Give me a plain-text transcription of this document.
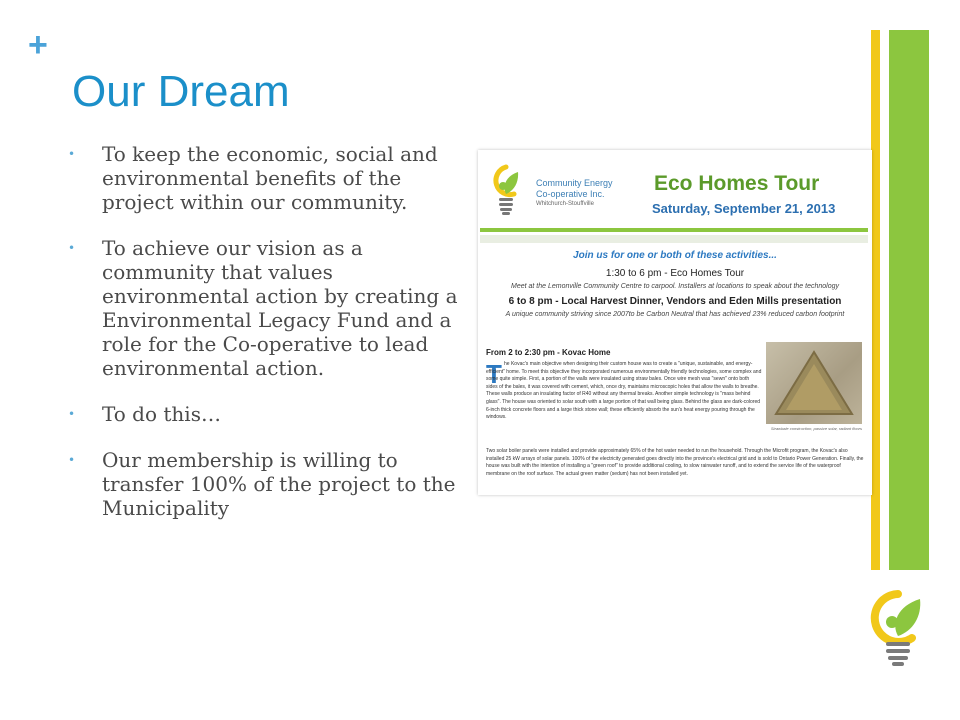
+
Our Dream
• To keep the economic, social and environmental benefits of the project within our community.
• To achieve our vision as a community that values environmental action by creating a Environmental Legacy Fund and a role for the Co-operative to lead environmental action.
• To do this…
• Our membership is willing to transfer 100% of the project to the Municipality
Community Energy
Co-operative Inc.
Whitchurch-Stouffville
Eco Homes Tour
Saturday, September 21, 2013
Join us for one or both of these activities...
1:30 to 6 pm - Eco Homes Tour
Meet at the Lemonville Community Centre to carpool. Installers at locations to speak about the technology
6 to 8 pm - Local Harvest Dinner, Vendors and Eden Mills presentation
A unique community striving since 2007to be Carbon Neutral that has achieved 23% reduced carbon footprint
From 2 to 2:30 pm - Kovac Home
T he Kovac's main objective when designing their custom house was to create a "unique, sustainable, and energy-efficient" home. To meet this objective they incorporated numerous environmentally friendly technologies, some complex and some quite simple. First, a portion of the walls were insulated using straw bales. Once wire mesh was "sewn" onto both sides of the bales, it was covered with cement, which, once dry, maintains microscopic holes that allow the walls to breathe. These walls produce an insulating factor of R40 without any thermal breaks. Another simple technology is "mass behind glass". The house was oriented to solar south with a large portion of that wall being glass. Behind the glass are dark-colored 6-inch thick concrete floors and a large thick stone wall; these efficiently absorb the sun's heat energy pouring through the windows.
Two solar boiler panels were installed and provide approximately 65% of the hot water needed to run the household. Through the Microfit program, the Kovac's also installed 25 kW arrays of solar panels. 100% of the electricity generated goes directly into the province's electrical grid and is sold to Ontario Power Generation. Finally, the house was built with the intention of installing a "green roof" to provide additional cooling, to slow rainwater runoff, and to extend the service life of the waterproof membrane on the roof surface. The actual green matter (sedum) has not been installed yet.
Strawbale construction, passive solar, radiant floors
